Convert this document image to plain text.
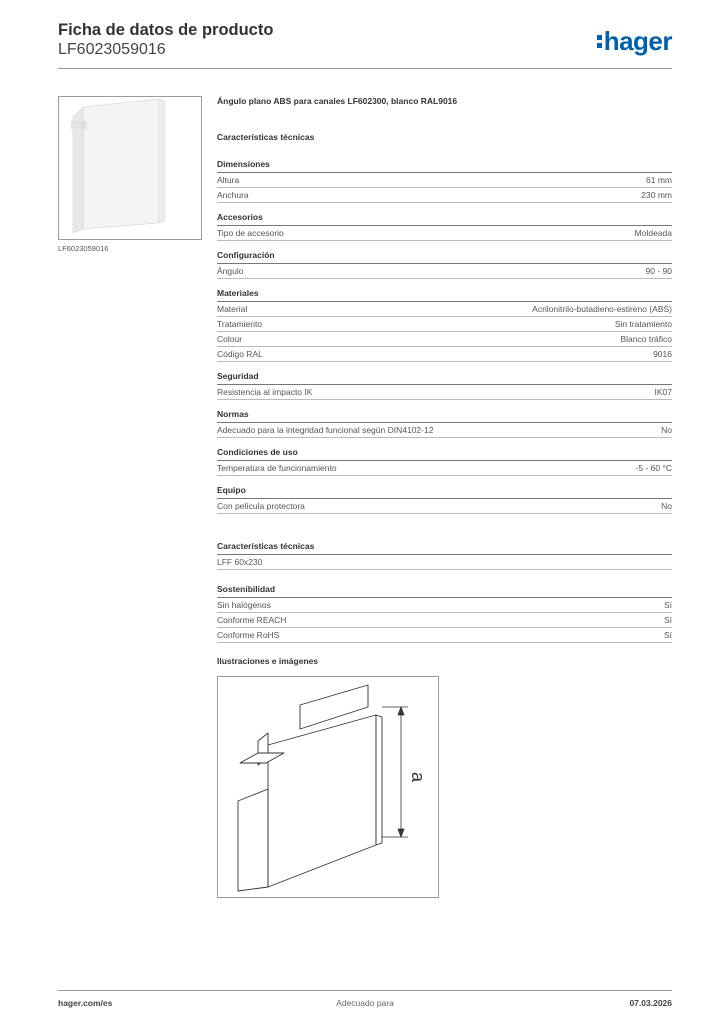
Ficha de datos de producto
LF6023059016	hager
LF6023059016
Ángulo plano ABS para canales LF602300, blanco RAL9016
Características técnicas
Dimensiones
Altura	61 mm
Anchura	230 mm
Accesorios
Tipo de accesorio	Moldeada
Configuración
Ángulo	90 - 90
Materiales
Material	Acrilonitrilo-butadieno-estireno (ABS)
Tratamiento	Sin tratamiento
Colour	Blanco tráfico
Código RAL	9016
Seguridad
Resistencia al impacto IK	IK07
Normas
Adecuado para la integridad funcional según DIN4102-12	No
Condiciones de uso
Temperatura de funcionamiento	-5 - 60 °C
Equipo
Con película protectora	No
Características técnicas
LFF 60x230
Sostenibilidad
Sin halógenos	Sí
Conforme REACH	Sí
Conforme RoHS	Sí
Ilustraciones e imágenes
a
Adecuado para
hager.com/es	07.03.2026
